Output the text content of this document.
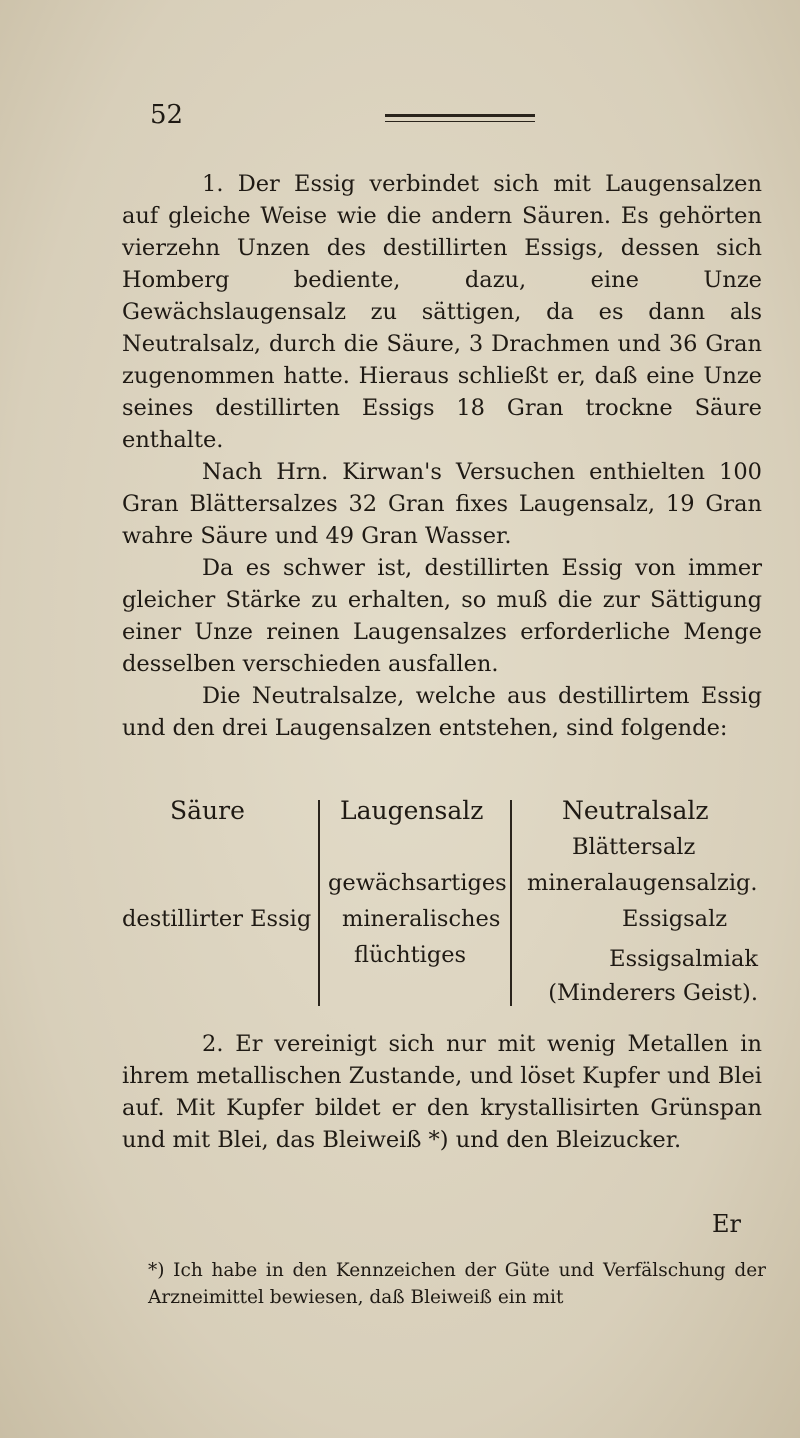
52

1. Der Essig verbindet sich mit Laugensalzen auf gleiche Weise wie die andern Säuren. Es gehörten vierzehn Unzen des destillirten Essigs, dessen sich Homberg bediente, dazu, eine Unze Gewächslaugensalz zu sättigen, da es dann als Neutralsalz, durch die Säure, 3 Drachmen und 36 Gran zugenommen hatte. Hieraus schließt er, daß eine Unze seines destillirten Essigs 18 Gran trockne Säure enthalte.

Nach Hrn. Kirwan's Versuchen enthielten 100 Gran Blättersalzes 32 Gran fixes Laugensalz, 19 Gran wahre Säure und 49 Gran Wasser.

Da es schwer ist, destillirten Essig von immer gleicher Stärke zu erhalten, so muß die zur Sättigung einer Unze reinen Laugensalzes erforderliche Menge desselben verschieden ausfallen.

Die Neutralsalze, welche aus destillirtem Essig und den drei Laugensalzen entstehen, sind folgende:

Säure	Laugensalz	Neutralsalz
destillirter Essig
gewächsartiges
mineralisches
flüchtiges
Blättersalz
mineralaugensalzig.
Essigsalz
Essigsalmiak (Minderers Geist).

2. Er vereinigt sich nur mit wenig Metallen in ihrem metallischen Zustande, und löset Kupfer und Blei auf. Mit Kupfer bildet er den krystallisirten Grünspan und mit Blei, das Bleiweiß *) und den Bleizucker.

Er

*) Ich habe in den Kennzeichen der Güte und Verfälschung der Arzneimittel bewiesen, daß Bleiweiß ein mit
